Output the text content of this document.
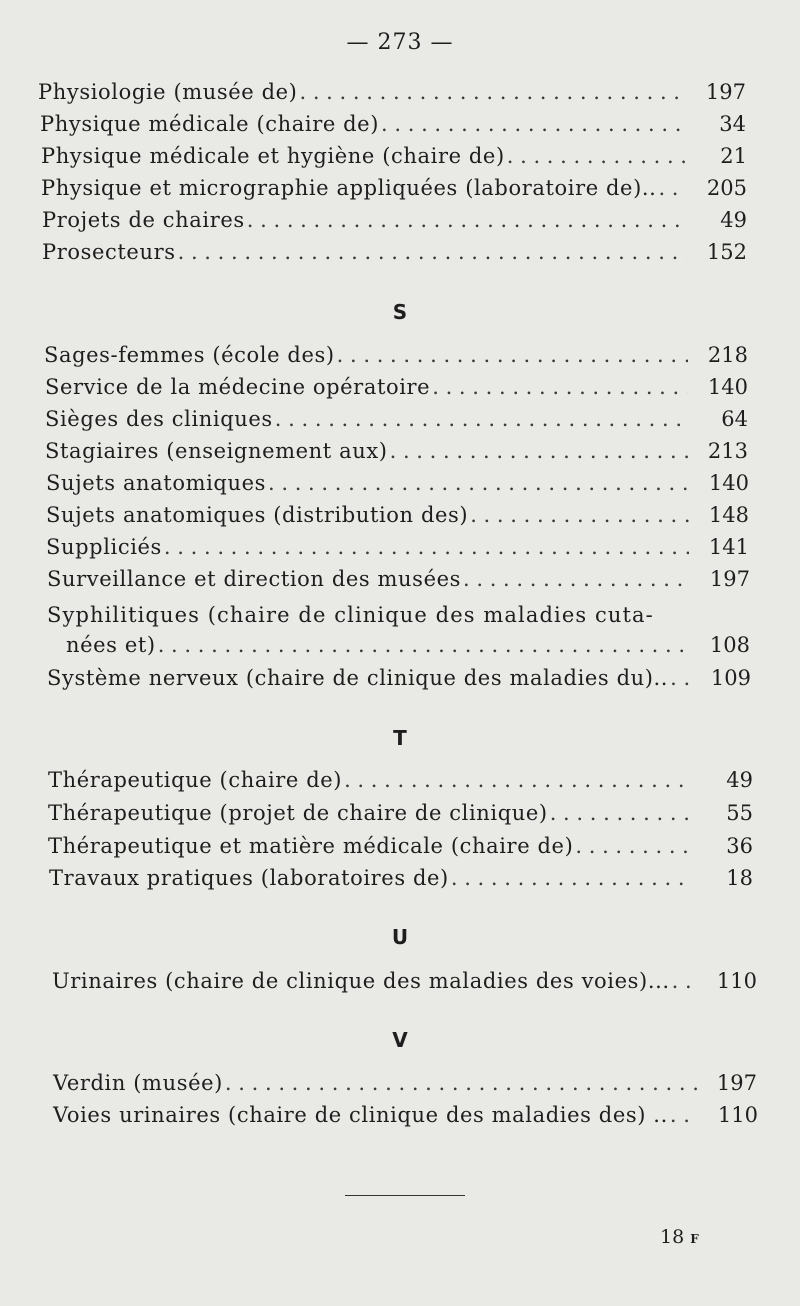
— 273 —
Physiologie (musée de) . . .	197
Physique médicale (chaire de) . . .	34
Physique médicale et hygiène (chaire de) . . .	21
Physique et micrographie appliquées (laboratoire de).. . . .	205
Projets de chaires . . .	49
Prosecteurs . . .	152
S
Sages-femmes (école des) . . .	218
Service de la médecine opératoire . . .	140
Sièges des cliniques . . .	64
Stagiaires (enseignement aux) . . .	213
Sujets anatomiques . . .	140
Sujets anatomiques (distribution des) . . .	148
Suppliciés . . .	141
Surveillance et direction des musées . . .	197
Syphilitiques (chaire de clinique des maladies cuta-
nées et) . . .	108
Système nerveux (chaire de clinique des maladies du).. . . .	109
T
Thérapeutique (chaire de) . . .	49
Thérapeutique (projet de chaire de clinique) . . .	55
Thérapeutique et matière médicale (chaire de) . . .	36
Travaux pratiques (laboratoires de) . . .	18
U
Urinaires (chaire de clinique des maladies des voies)... . . .	110
V
Verdin (musée) . . .	197
Voies urinaires (chaire de clinique des maladies des) .. . . .	110
18 F
